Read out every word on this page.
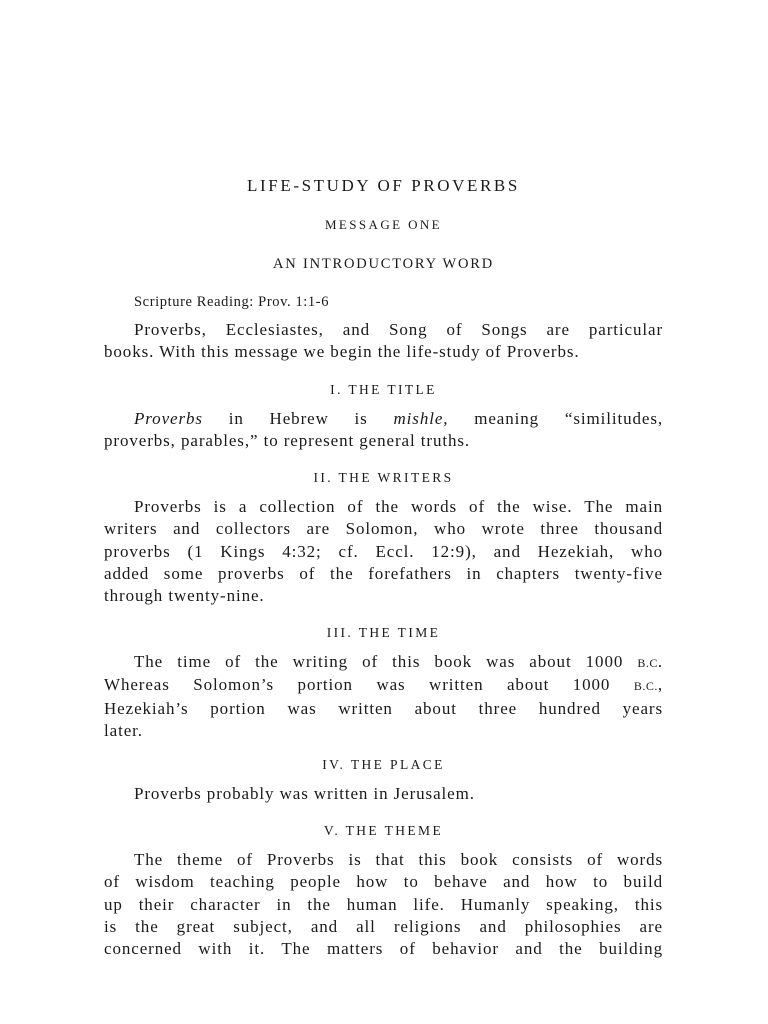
LIFE-STUDY OF PROVERBS
MESSAGE ONE
AN INTRODUCTORY WORD
Scripture Reading: Prov. 1:1-6

Proverbs, Ecclesiastes, and Song of Songs are particular
books. With this message we begin the life-study of Proverbs.

I. THE TITLE

Proverbs in Hebrew is mishle, meaning “similitudes,
proverbs, parables,” to represent general truths.

II. THE WRITERS

Proverbs is a collection of the words of the wise. The main
writers and collectors are Solomon, who wrote three thousand
proverbs (1 Kings 4:32; cf. Eccl. 12:9), and Hezekiah, who
added some proverbs of the forefathers in chapters twenty-five
through twenty-nine.

III. THE TIME

The time of the writing of this book was about 1000 B.C.
Whereas Solomon’s portion was written about 1000 B.C.,
Hezekiah’s portion was written about three hundred years
later.

IV. THE PLACE

Proverbs probably was written in Jerusalem.

V. THE THEME

The theme of Proverbs is that this book consists of words
of wisdom teaching people how to behave and how to build
up their character in the human life. Humanly speaking, this
is the great subject, and all religions and philosophies are
concerned with it. The matters of behavior and the building
